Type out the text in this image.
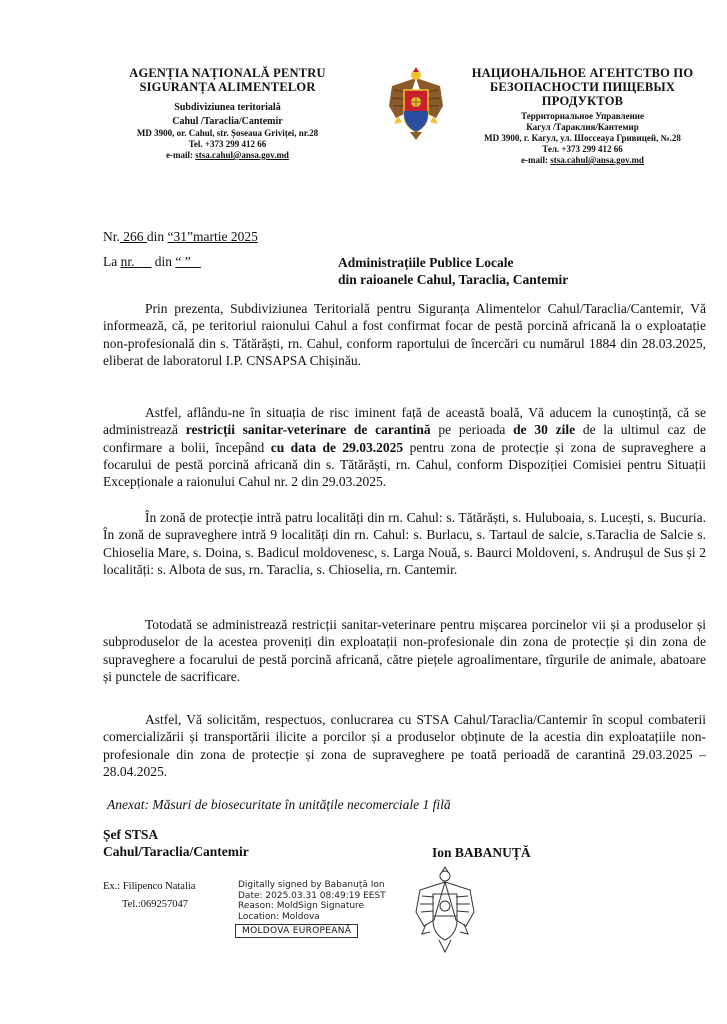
AGENȚIA NAȚIONALĂ PENTRU
SIGURANȚA ALIMENTELOR
Subdiviziunea teritorială
Cahul /Taraclia/Cantemir
MD 3900, or. Cahul, str. Șoseaua Griviței, nr.28
Tel. +373 299 412 66
e-mail: stsa.cahul@ansa.gov.md
НАЦИОНАЛЬНОЕ АГЕНТСТВО ПО
БЕЗОПАСНОСТИ ПИЩЕВЫХ
ПРОДУКТОВ
Территориальное Управление
Кагул /Тараклия/Кантемир
MD 3900, г. Кагул, ул. Шоссеаyа Гривицей, №.28
Тел. +373 299 412 66
e-mail: stsa.cahul@ansa.gov.md
Nr. 266 din “31”martie 2025
La nr.      din “ ”	Administrațiile Publice Locale
din raioanele Cahul, Taraclia, Cantemir

Prin prezenta, Subdiviziunea Teritorială pentru Siguranța Alimentelor Cahul/Taraclia/Cantemir, Vă informează, că, pe teritoriul raionului Cahul a fost confirmat focar de pestă porcină africană la o exploatație non-profesională din s. Tătărăști, rn. Cahul, conform raportului de încercări cu numărul 1884 din 28.03.2025, eliberat de laboratorul I.P. CNSAPSA Chișinău.

Astfel, aflându-ne în situația de risc iminent față de această boală, Vă aducem la cunoștință, că se administrează restricții sanitar-veterinare de carantină pe perioada de 30 zile de la ultimul caz de confirmare a bolii, începând cu data de 29.03.2025 pentru zona de protecție și zona de supraveghere a focarului de pestă porcină africană din s. Tătărăști, rn. Cahul, conform Dispoziției Comisiei pentru Situații Excepționale a raionului Cahul nr. 2 din 29.03.2025.

În zonă de protecție intră patru localități din rn. Cahul: s. Tătărăști, s. Huluboaia, s. Lucești, s. Bucuria. În zonă de supraveghere intră 9 localități din rn. Cahul: s. Burlacu, s. Tartaul de salcie, s.Taraclia de Salcie s. Chioselia Mare, s. Doina, s. Badicul moldovenesc, s. Larga Nouă, s. Baurci Moldoveni, s. Andrușul de Sus și 2 localități: s. Albota de sus, rn. Taraclia, s. Chioselia, rn. Cantemir.

Totodată se administrează restricții sanitar-veterinare pentru mișcarea porcinelor vii și a produselor și subproduselor de la acestea proveniți din exploatații non-profesionale din zona de protecție și din zona de supraveghere a focarului de pestă porcină africană, către piețele agroalimentare, tîrgurile de animale, abatoare și punctele de sacrificare.

Astfel, Vă solicităm, respectuos, conlucrarea cu STSA Cahul/Taraclia/Cantemir în scopul combaterii comercializării și transportării ilicite a porcilor și a produselor obținute de la acestia din exploatațiile non-profesionale din zona de protecție și zona de supraveghere pe toată perioadă de carantină 29.03.2025 – 28.04.2025.

Anexat: Măsuri de biosecuritate în unitățile necomerciale 1 filă
Șef STSA
Cahul/Taraclia/Cantemir	Ion BABANUȚĂ
Ex.: Filipenco Natalia
Tel.:069257047
Digitally signed by Babanuță Ion
Date: 2025.03.31 08:49:19 EEST
Reason: MoldSign Signature
Location: Moldova
MOLDOVA EUROPEANĂ
